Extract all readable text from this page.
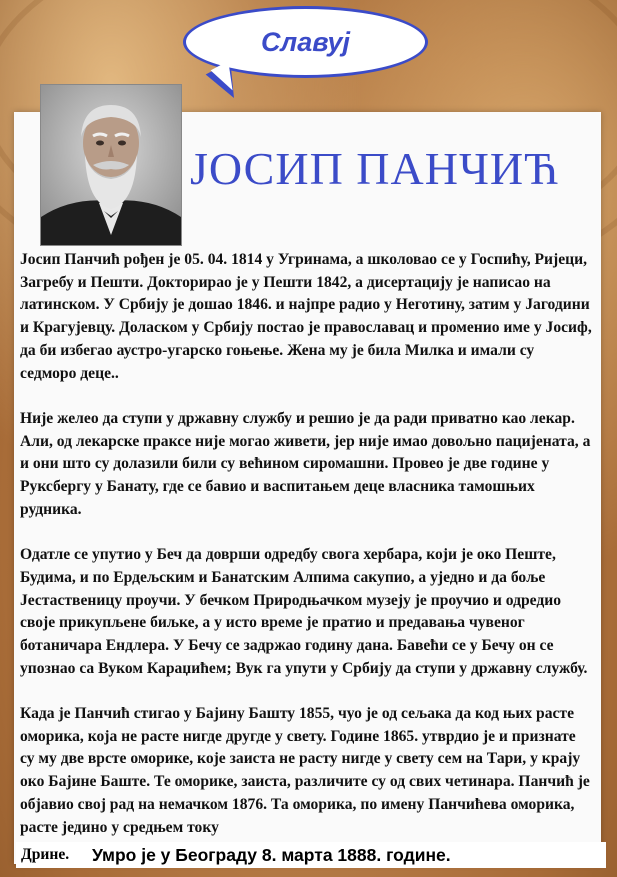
Славуј
ЈОСИП ПАНЧИЋ

Јосип Панчић рођен је 05. 04. 1814 у Угринама, а школовао се у Госпићу, Ријеци, Загребу и Пешти. Докторирао је у Пешти 1842, а дисертацију је написао на латинском. У Србију је дошао 1846. и најпре радио у Неготину, затим у Јагодини и Крагујевцу. Доласком у Србију постао је православац и променио име у Јосиф, да би избегао аустро-угарско гоњење. Жена му је била Милка и имали су седморо деце..

Није желео да ступи у државну службу и решио је да ради приватно као лекар. Али, од лекарске праксе није могао живети, јер није имао довољно пацијената, а и они што су долазили били су већином сиромашни. Провео је две године у Руксбергу у Банату, где се бавио и васпитањем деце власника тамошњих рудника.

Одатле се упутио у Беч да доврши одредбу свога хербара, који је око Пеште, Будима, и по Ердељским и Банатским Алпима сакупио, а уједно и да боље Јестаственицу проучи. У бечком Природњачком музеју је проучио и одредио своје прикупљене биљке, а у исто време је пратио и предавања чувеног ботаничара Ендлера. У Бечу се задржао годину дана. Бавећи се у Бечу он се упознао са Вуком Караџићем; Вук га упути у Србију да ступи у државну службу.

Када је Панчић стигао у Бајину Башту 1855, чуо је од сељака да код њих расте оморика, која не расте нигде другде у свету. Године 1865. утврдио је и признате су му две врсте оморике, које заиста не расту нигде у свету сем на Тари, у крају око Бајине Баште. Те оморике, заиста, различите су од свих четинара. Панчић је објавио свој рад на немачком 1876. Та оморика, по имену Панчићева оморика, расте једино у средњем току

Дрине.	Умро је у Београду 8. марта 1888. године.
